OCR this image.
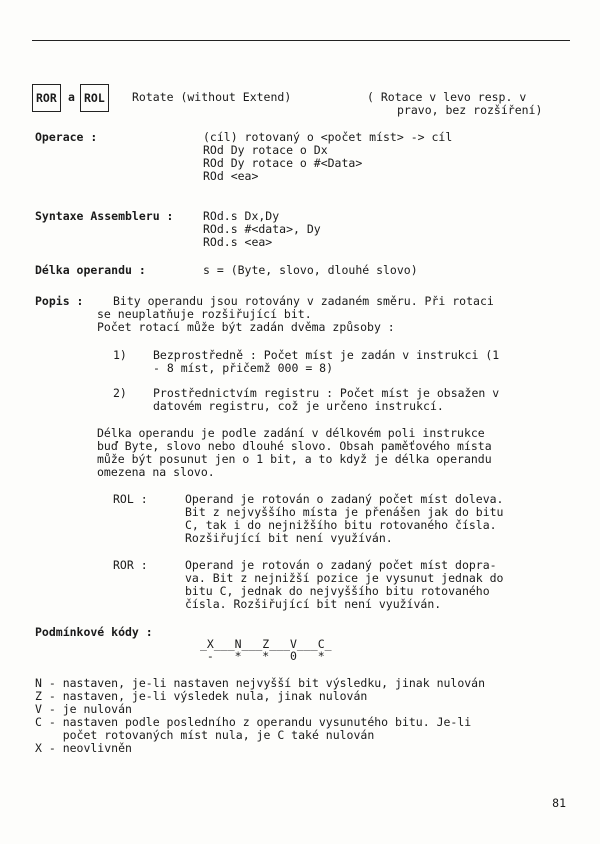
ROR a ROL	Rotate (without Extend)	( Rotace v levo resp. v
pravo, bez rozšíření)
Operace :	(cíl) rotovaný o <počet míst> -> cíl
ROd Dy rotace o Dx
ROd Dy rotace o #<Data>
ROd <ea>
Syntaxe Assembleru :	ROd.s Dx,Dy
ROd.s #<data>, Dy
ROd.s <ea>
Délka operandu :	s = (Byte, slovo, dlouhé slovo)
Popis :	Bity operandu jsou rotovány v zadaném směru. Při rotaci
se neuplatňuje rozšiřující bit.
Počet rotací může být zadán dvěma způsoby :
1) Bezprostředně : Počet míst je zadán v instrukci (1
- 8 míst, přičemž 000 = 8)
2) Prostřednictvím registru : Počet míst je obsažen v
datovém registru, což je určeno instrukcí.
Délka operandu je podle zadání v délkovém poli instrukce
buď Byte, slovo nebo dlouhé slovo. Obsah paměťového místa
může být posunut jen o 1 bit, a to když je délka operandu
omezena na slovo.
ROL :	Operand je rotován o zadaný počet míst doleva.
Bit z nejvyššího místa je přenášen jak do bitu
C, tak i do nejnižšího bitu rotovaného čísla.
Rozšiřující bit není využíván.
ROR :	Operand je rotován o zadaný počet míst dopra-
va. Bit z nejnižší pozice je vysunut jednak do
bitu C, jednak do nejvyššího bitu rotovaného
čísla. Rozšiřující bit není využíván.
Podmínkové kódy :
_X___N___Z___V___C_
-   *   *   0   *
N - nastaven, je-li nastaven nejvyšší bit výsledku, jinak nulován
Z - nastaven, je-li výsledek nula, jinak nulován
V - je nulován
C - nastaven podle posledního z operandu vysunutého bitu. Je-li
počet rotovaných míst nula, je C také nulován
X - neovlivněn
81
